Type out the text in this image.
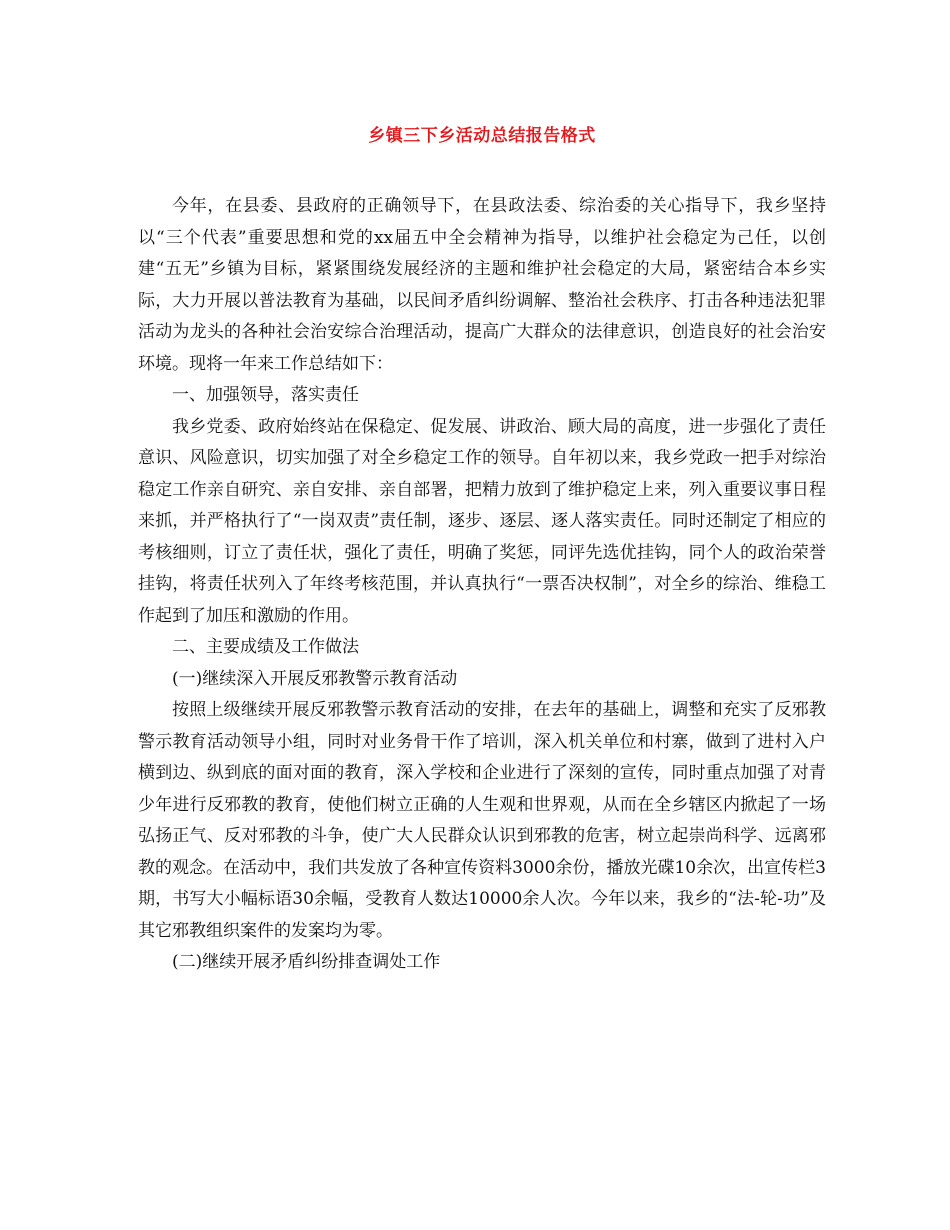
乡镇三下乡活动总结报告格式

今年，在县委、县政府的正确领导下，在县政法委、综治委的关心指导下，我乡坚持以“三个代表”重要思想和党的xx届五中全会精神为指导，以维护社会稳定为己任，以创建“五无”乡镇为目标，紧紧围绕发展经济的主题和维护社会稳定的大局，紧密结合本乡实际，大力开展以普法教育为基础，以民间矛盾纠纷调解、整治社会秩序、打击各种违法犯罪活动为龙头的各种社会治安综合治理活动，提高广大群众的法律意识，创造良好的社会治安环境。现将一年来工作总结如下：

一、加强领导，落实责任

我乡党委、政府始终站在保稳定、促发展、讲政治、顾大局的高度，进一步强化了责任意识、风险意识，切实加强了对全乡稳定工作的领导。自年初以来，我乡党政一把手对综治稳定工作亲自研究、亲自安排、亲自部署，把精力放到了维护稳定上来，列入重要议事日程来抓，并严格执行了“一岗双责”责任制，逐步、逐层、逐人落实责任。同时还制定了相应的考核细则，订立了责任状，强化了责任，明确了奖惩，同评先选优挂钩，同个人的政治荣誉挂钩，将责任状列入了年终考核范围，并认真执行“一票否决权制”，对全乡的综治、维稳工作起到了加压和激励的作用。

二、主要成绩及工作做法

(一)继续深入开展反邪教警示教育活动

按照上级继续开展反邪教警示教育活动的安排，在去年的基础上，调整和充实了反邪教警示教育活动领导小组，同时对业务骨干作了培训，深入机关单位和村寨，做到了进村入户横到边、纵到底的面对面的教育，深入学校和企业进行了深刻的宣传，同时重点加强了对青少年进行反邪教的教育，使他们树立正确的人生观和世界观，从而在全乡辖区内掀起了一场弘扬正气、反对邪教的斗争，使广大人民群众认识到邪教的危害，树立起崇尚科学、远离邪教的观念。在活动中，我们共发放了各种宣传资料3000余份，播放光碟10余次，出宣传栏3期，书写大小幅标语30余幅，受教育人数达10000余人次。今年以来，我乡的“法-轮-功”及其它邪教组织案件的发案均为零。

(二)继续开展矛盾纠纷排查调处工作
